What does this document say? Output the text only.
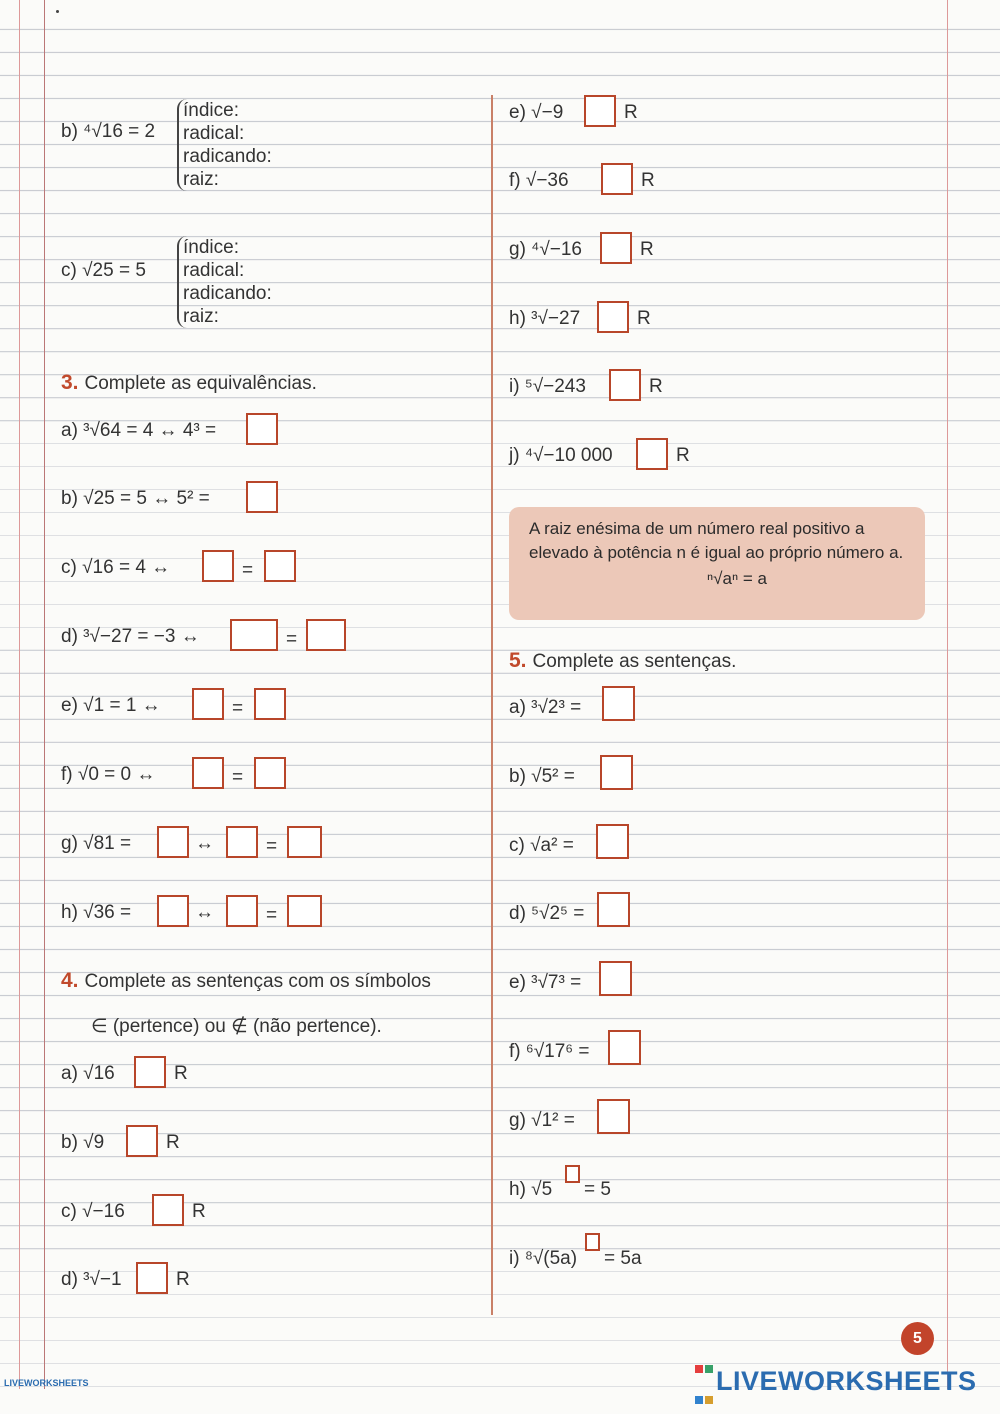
b) ⁴√16 = 2
índice:
radical:
radicando:
raiz:
c) √25 = 5
índice:
radical:
radicando:
raiz:
3. Complete as equivalências.
a) ³√64 = 4 ↔ 4³ =
b) √25 = 5 ↔ 5² =
c) √16 = 4 ↔	=
d) ³√−27 = −3 ↔	=
e) √1 = 1 ↔	=
f) √0 = 0 ↔	=
g) √81 =	↔	=
h) √36 =	↔	=
4. Complete as sentenças com os símbolos
∈ (pertence) ou ∉ (não pertence).
a) √16	R
b) √9	R
c) √−16	R
d) ³√−1	R
e) √−9	R
f) √−36	R
g) ⁴√−16	R
h) ³√−27	R
i) ⁵√−243	R
j) ⁴√−10 000	R
A raiz enésima de um número real positivo a elevado à potência n é igual ao próprio número a.
ⁿ√aⁿ = a
5. Complete as sentenças.
a) ³√2³ =
b) √5² =
c) √a² =
d) ⁵√2⁵ =
e) ³√7³ =
f) ⁶√17⁶ =
g) √1² =
h) √5 = 5
i) ⁸√(5a) = 5a
5
LIVEWORKSHEETS
LIVEWORKSHEETS
